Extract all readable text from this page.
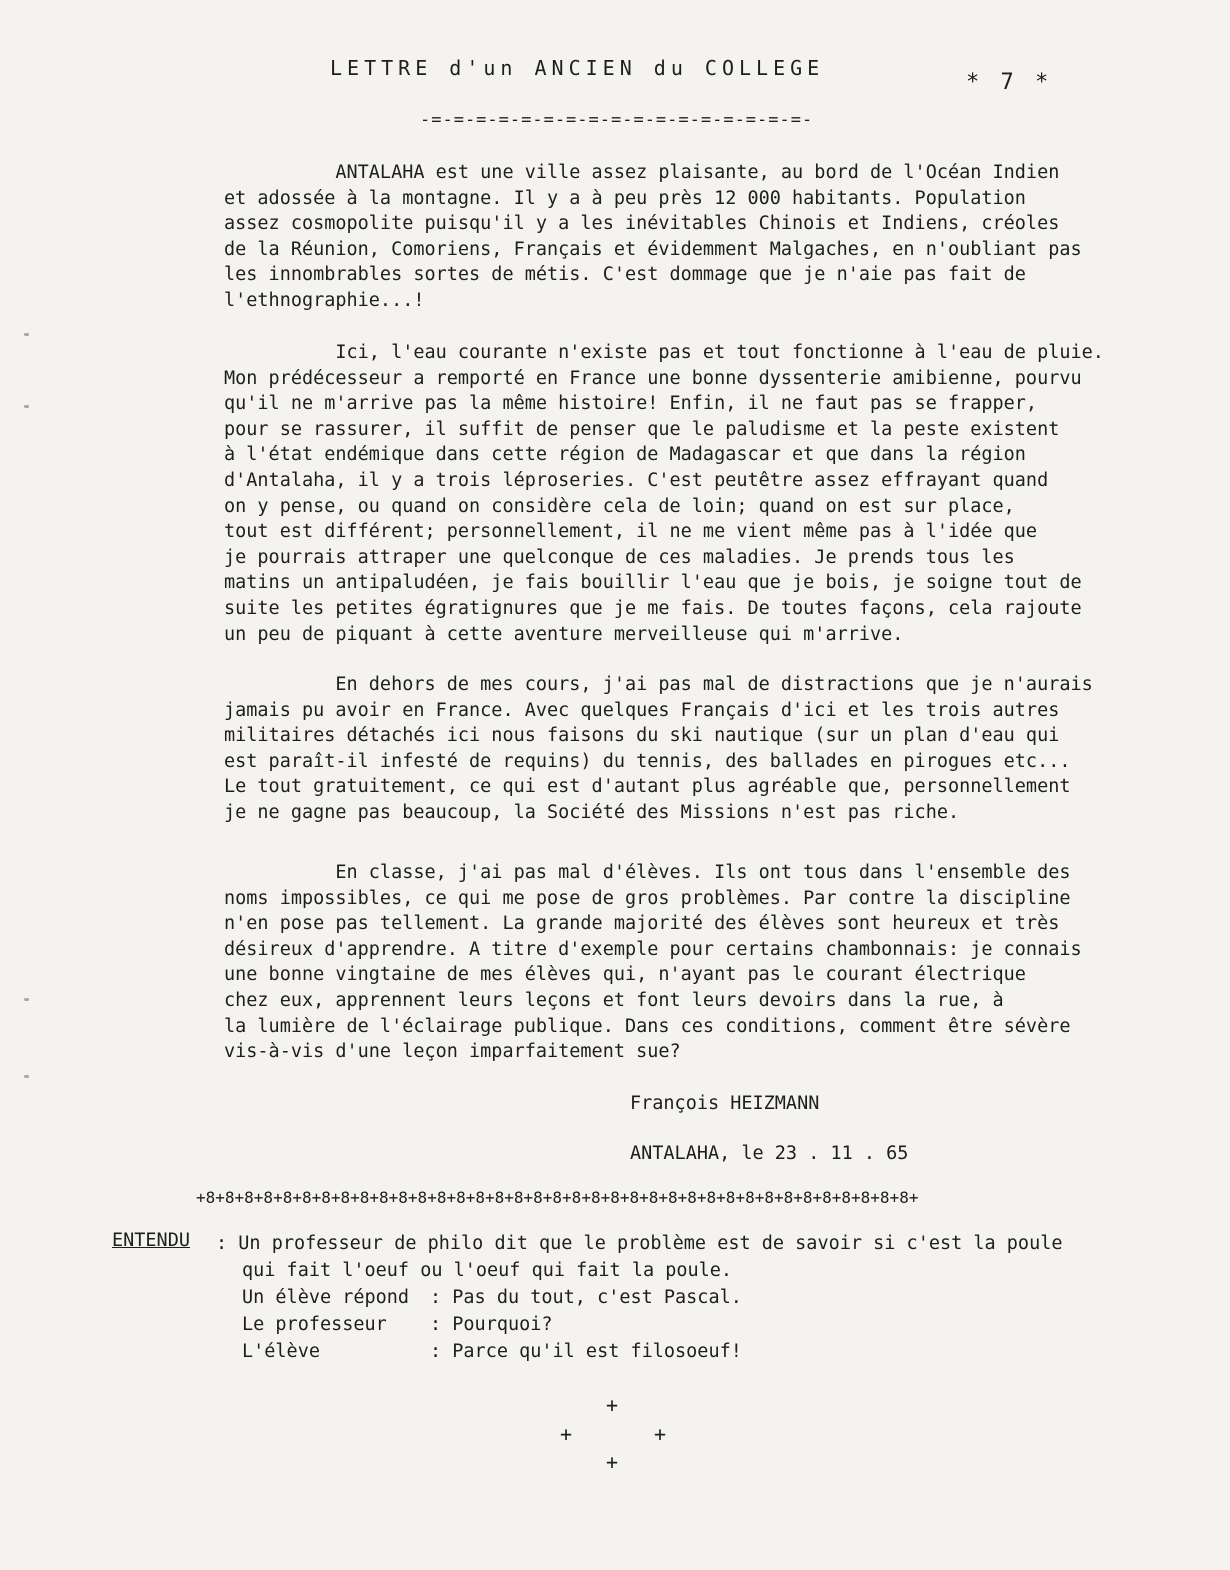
LETTRE d'un ANCIEN du COLLEGE
* 7 *
-=-=-=-=-=-=-=-=-=-=-=-=-=-=-=-=-=-
ANTALAHA est une ville assez plaisante, au bord de l'Océan Indien
et adossée à la montagne. Il y a à peu près 12 000 habitants. Population
assez cosmopolite puisqu'il y a les inévitables Chinois et Indiens, créoles
de la Réunion, Comoriens, Français et évidemment Malgaches, en n'oubliant pas
les innombrables sortes de métis. C'est dommage que je n'aie pas fait de
l'ethnographie...!
Ici, l'eau courante n'existe pas et tout fonctionne à l'eau de pluie.
Mon prédécesseur a remporté en France une bonne dyssenterie amibienne, pourvu
qu'il ne m'arrive pas la même histoire! Enfin, il ne faut pas se frapper,
pour se rassurer, il suffit de penser que le paludisme et la peste existent
à l'état endémique dans cette région de Madagascar et que dans la région
d'Antalaha, il y a trois léproseries. C'est peutêtre assez effrayant quand
on y pense, ou quand on considère cela de loin; quand on est sur place,
tout est différent; personnellement, il ne me vient même pas à l'idée que
je pourrais attraper une quelconque de ces maladies. Je prends tous les
matins un antipaludéen, je fais bouillir l'eau que je bois, je soigne tout de
suite les petites égratignures que je me fais. De toutes façons, cela rajoute
un peu de piquant à cette aventure merveilleuse qui m'arrive.
En dehors de mes cours, j'ai pas mal de distractions que je n'aurais
jamais pu avoir en France. Avec quelques Français d'ici et les trois autres
militaires détachés ici nous faisons du ski nautique (sur un plan d'eau qui
est paraît-il infesté de requins) du tennis, des ballades en pirogues etc...
Le tout gratuitement, ce qui est d'autant plus agréable que, personnellement
je ne gagne pas beaucoup, la Société des Missions n'est pas riche.
En classe, j'ai pas mal d'élèves. Ils ont tous dans l'ensemble des
noms impossibles, ce qui me pose de gros problèmes. Par contre la discipline
n'en pose pas tellement. La grande majorité des élèves sont heureux et très
désireux d'apprendre. A titre d'exemple pour certains chambonnais: je connais
une bonne vingtaine de mes élèves qui, n'ayant pas le courant électrique
chez eux, apprennent leurs leçons et font leurs devoirs dans la rue, à
la lumière de l'éclairage publique. Dans ces conditions, comment être sévère
vis-à-vis d'une leçon imparfaitement sue?
François HEIZMANN
ANTALAHA, le 23 . 11 . 65
+8+8+8+8+8+8+8+8+8+8+8+8+8+8+8+8+8+8+8+8+8+8+8+8+8+8+8+8+8+8+8+8+8+8+8+8+8+
ENTENDU : Un professeur de philo dit que le problème est de savoir si c'est la poule
qui fait l'oeuf ou l'oeuf qui fait la poule.

Un élève répond

: Pas du tout, c'est Pascal.

Le professeur

: Pourquoi?

L'élève

	: Parce qu'il est filosoeuf!

+
+	+
+
